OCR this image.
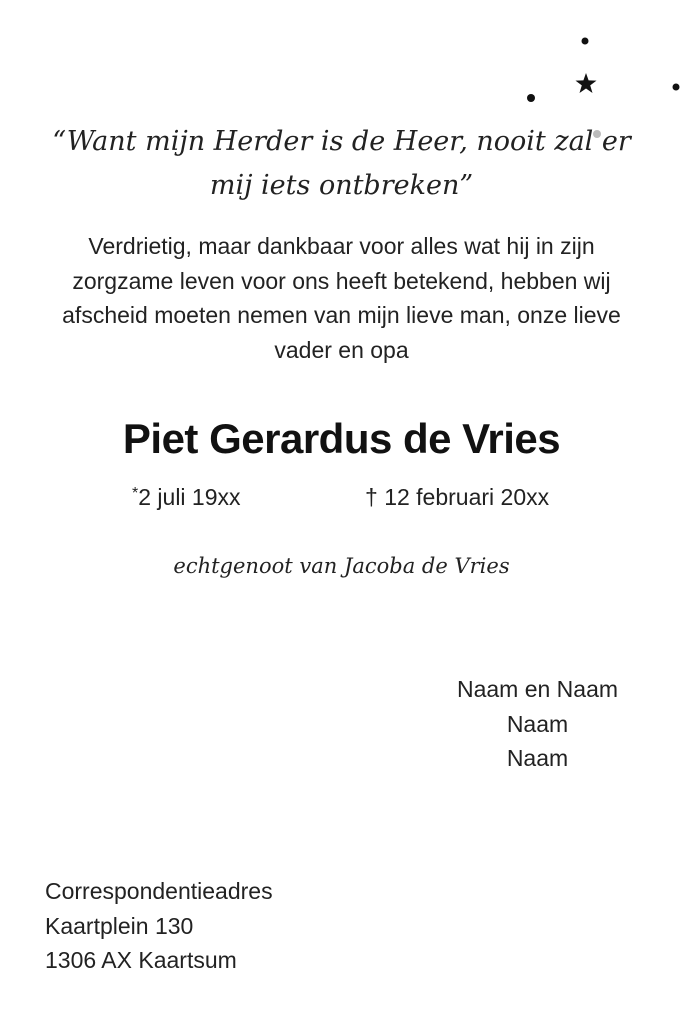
“Want mijn Herder is de Heer, nooit zal er
mij iets ontbreken”
Verdrietig, maar dankbaar voor alles wat hij in zijn zorgzame leven voor ons heeft betekend, hebben wij afscheid moeten nemen van mijn lieve man, onze lieve vader en opa
Piet Gerardus de Vries
*2 juli 19xx	† 12 februari 20xx
echtgenoot van Jacoba de Vries
Naam en Naam
Naam
Naam
Correspondentieadres
Kaartplein 130
1306 AX Kaartsum
